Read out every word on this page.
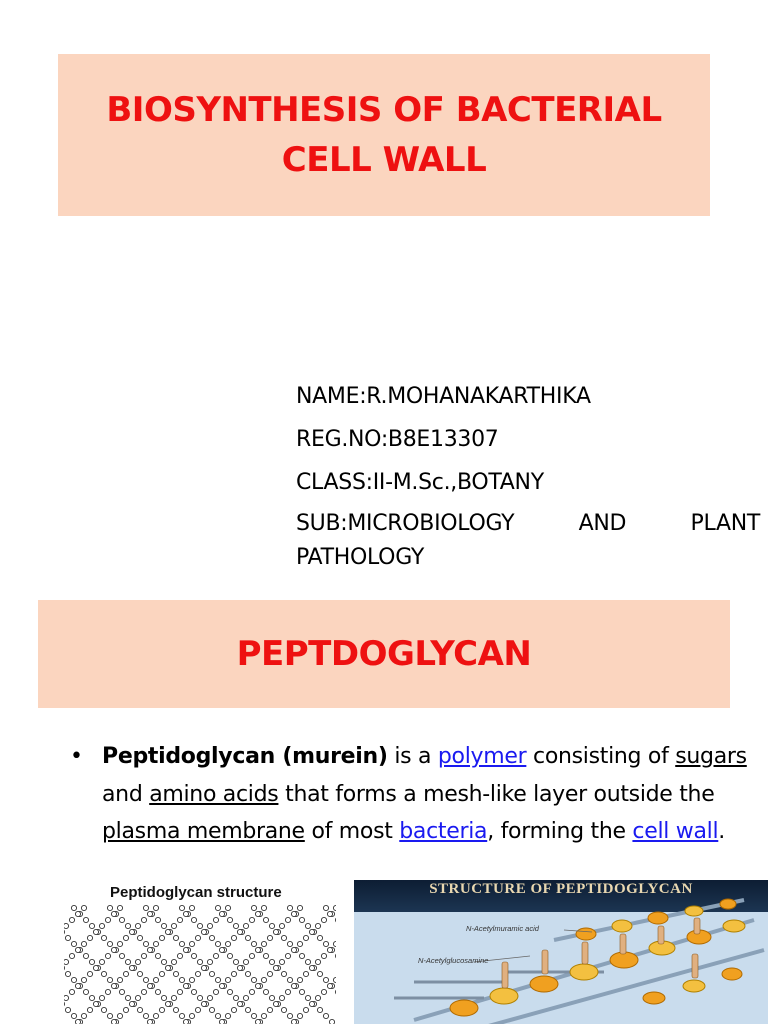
BIOSYNTHESIS OF BACTERIAL
CELL WALL
NAME:R.MOHANAKARTHIKA
REG.NO:B8E13307
CLASS:II-M.Sc.,BOTANY
SUB:MICROBIOLOGY	AND	PLANT
PATHOLOGY
PEPTDOGLYCAN
• Peptidoglycan (murein) is a polymer consisting of sugars and amino acids that forms a mesh-like layer outside the plasma membrane of most bacteria, forming the cell wall.
Peptidoglycan structure	STRUCTURE OF PEPTIDOGLYCAN
N-Acetylmuramic acid
N-Acetylglucosamine
